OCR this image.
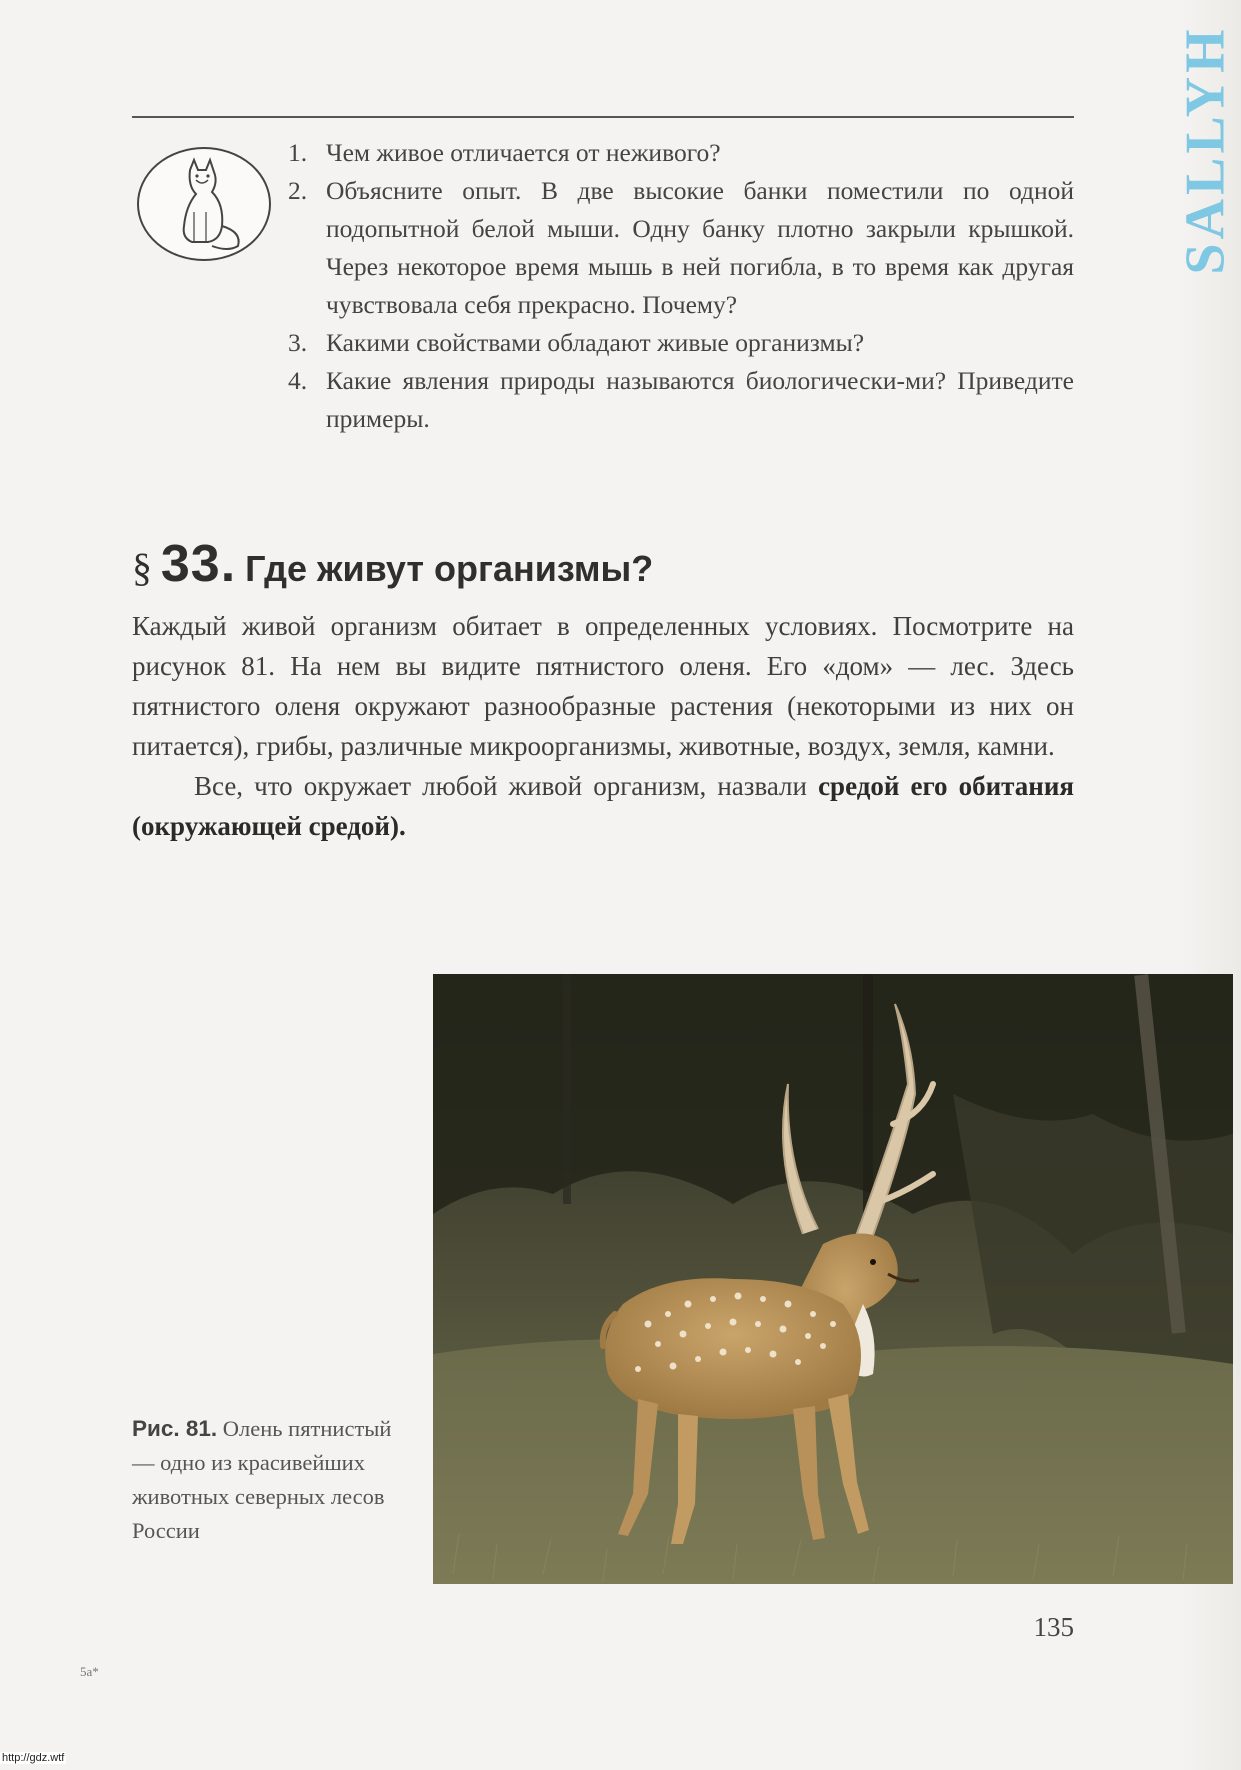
SALLYH
1. Чем живое отличается от неживого?
2. Объясните опыт. В две высокие банки поместили по одной подопытной белой мыши. Одну банку плотно закрыли крышкой. Через некоторое время мышь в ней погибла, в то время как другая чувствовала себя прекрасно. Почему?
3. Какими свойствами обладают живые организмы?
4. Какие явления природы называются биологически-ми? Приведите примеры.
§ 33. Где живут организмы?

Каждый живой организм обитает в определенных условиях. Посмотрите на рисунок 81. На нем вы видите пятнистого оленя. Его «дом» — лес. Здесь пятнистого оленя окружают разнообразные растения (некоторыми из них он питается), грибы, различные микроорганизмы, животные, воздух, земля, камни.

Все, что окружает любой живой организм, назвали средой его обитания (окружающей средой).

Рис. 81. Олень пятнистый — одно из красивейших животных северных лесов России
135
5a*
http://gdz.wtf
